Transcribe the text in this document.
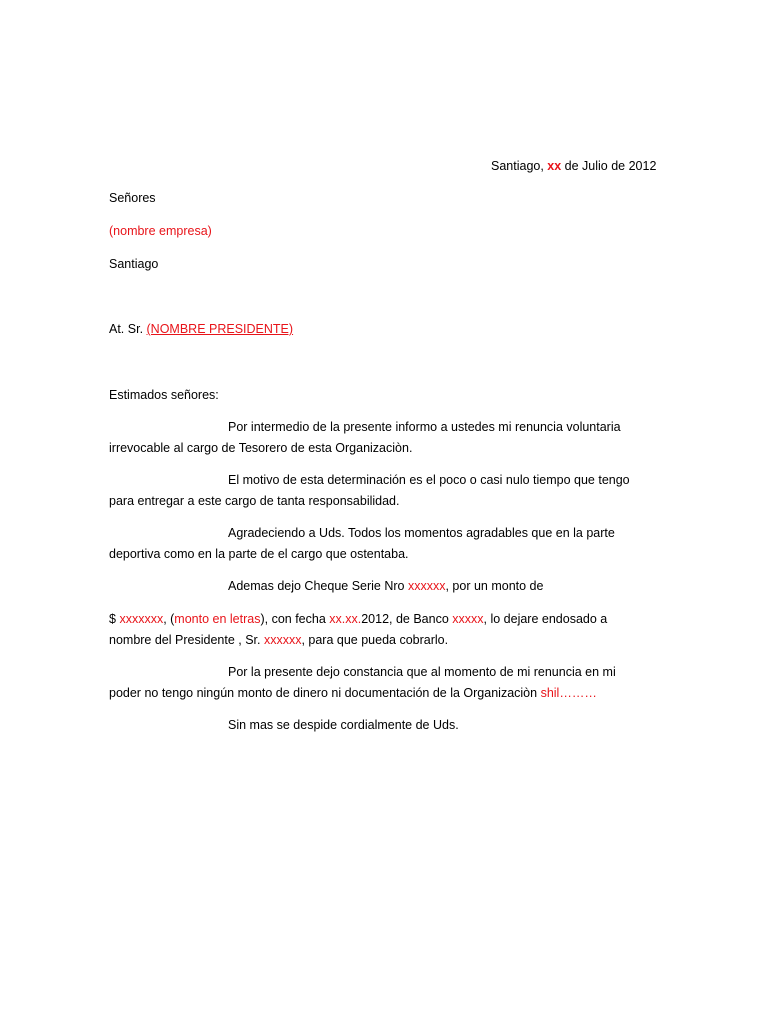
Santiago, xx de Julio de 2012
Señores
(nombre empresa)
Santiago
At. Sr. (NOMBRE PRESIDENTE)
Estimados señores:
Por intermedio de la presente informo a ustedes mi renuncia voluntaria
irrevocable al cargo de Tesorero de esta Organizaciòn.
El motivo de esta determinación es el poco o casi nulo tiempo que tengo
para entregar a este cargo de tanta responsabilidad.
Agradeciendo a Uds. Todos los momentos agradables que en la parte
deportiva como en la parte de el cargo que ostentaba.
Ademas dejo Cheque Serie Nro xxxxxx, por un monto de
$ xxxxxxx, (monto en letras), con fecha xx.xx.2012, de Banco xxxxx, lo dejare endosado a
nombre del Presidente , Sr. xxxxxx, para que pueda cobrarlo.
Por la presente dejo constancia que al momento de mi renuncia en mi
poder no tengo ningún monto de dinero ni documentación de la Organizaciòn shil………
Sin mas se despide cordialmente de Uds.
